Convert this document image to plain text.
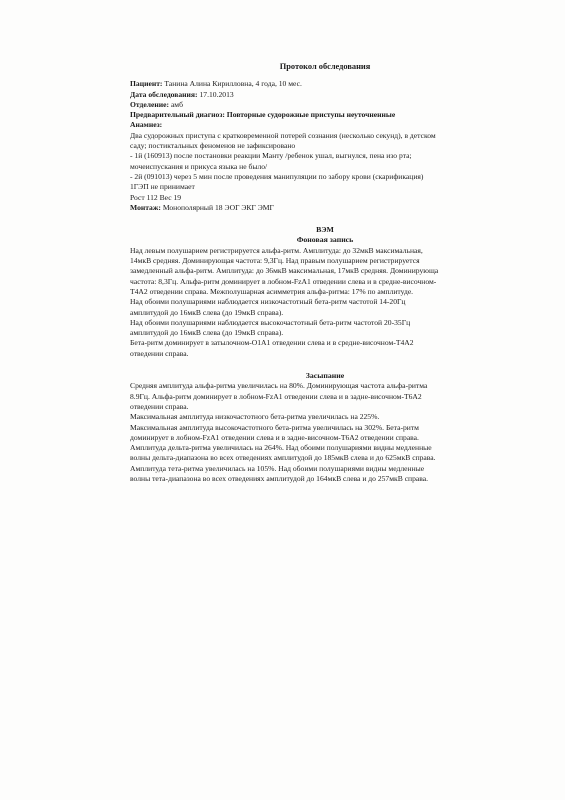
Протокол обследования

Пациент: Танина Алина Кирилловна, 4 года, 10 мес.

Дата обследования: 17.10.2013

Отделение: амб

Предварительный диагноз: Повторные судорожные приступы неуточненные

Анамнез:

Два судорожных приступа с кратковременной потерей сознания (несколько секунд), в детском
саду; постиктальных феноменов не зафиксировано
- 1й (160913) после постановки реакции Манту /ребенок ушал, выгнулся, пена изо рта;
мочеиспускания и прикуса языка не было/
- 2й (091013) через 5 мин после проведения манипуляции по забору крови (скарификация)
1ГЭП не принимает
Рост 112 Вес 19

Монтаж: Монополярный 18 ЭОГ ЭКГ ЭМГ

ВЭМ
Фоновая запись
Над левым полушарием регистрируется альфа-ритм. Амплитуда: до 32мкВ максимальная,
14мкВ средняя. Доминирующая частота: 9,3Гц. Над правым полушарием регистрируется
замедленный альфа-ритм. Амплитуда: до 36мкВ максимальная, 17мкВ средняя. Доминирующа
частота: 8,3Гц. Альфа-ритм доминирует в лобном-FzA1 отведении слева и в средне-височном-
T4A2 отведении справа. Межполушарная асимметрия альфа-ритма: 17% по амплитуде.
Над обоими полушариями наблюдается низкочастотный бета-ритм частотой 14-20Гц
амплитудой до 16мкВ слева (до 19мкВ справа).
Над обоими полушариями наблюдается высокочастотный бета-ритм частотой 20-35Гц
амплитудой до 16мкВ слева (до 19мкВ справа).
Бета-ритм доминирует в затылочном-O1A1 отведении слева и в средне-височном-T4A2
отведении справа.
Засыпание
Средняя амплитуда альфа-ритма увеличилась на 80%. Доминирующая частота альфа-ритма
8.9Гц. Альфа-ритм доминирует в лобном-FzA1 отведении слева и в задне-височном-T6A2
отведении справа.
Максимальная амплитуда низкочастотного бета-ритма увеличилась на 225%.
Максимальная амплитуда высокочастотного бета-ритма увеличилась на 302%. Бета-ритм
доминирует в лобном-FzA1 отведении слева и в задне-височном-T6A2 отведении справа.
Амплитуда дельта-ритма увеличилась на 264%. Над обоими полушариями видны медленные
волны дельта-диапазона во всех отведениях амплитудой до 185мкВ слева и до 625мкВ справа.
Амплитуда тета-ритма увеличилась на 105%. Над обоими полушариями видны медленные
волны тета-диапазона во всех отведениях амплитудой до 164мкВ слева и до 257мкВ справа.
